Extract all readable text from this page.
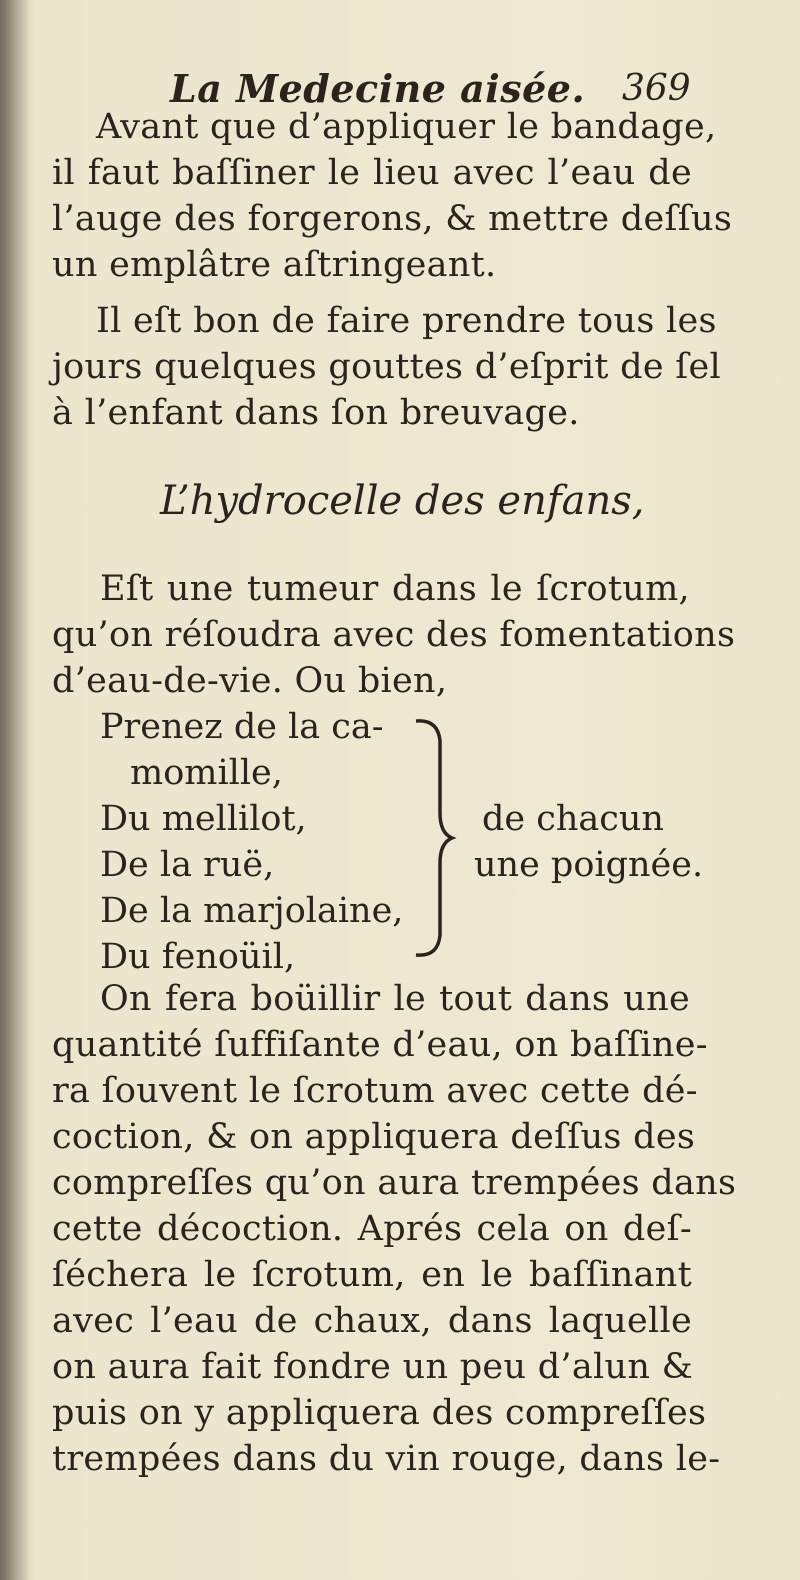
La Medecine aisée. 369
Avant que d’appliquer le bandage,
il faut baſſiner le lieu avec l’eau de
l’auge des forgerons, & mettre deſſus
un emplâtre aſtringeant.
Il eſt bon de faire prendre tous les
jours quelques gouttes d’eſprit de ſel
à l’enfant dans ſon breuvage.
L’hydrocelle des enfans,
Eſt une tumeur dans le ſcrotum,
qu’on réſoudra avec des fomentations
d’eau-de-vie. Ou bien,
Prenez de la ca-
momille,
Du mellilot,
De la ruë,
De la marjolaine,
Du fenoüil,
de chacun
une poignée.
On fera boüillir le tout dans une
quantité ſuffiſante d’eau, on baſſine-
ra ſouvent le ſcrotum avec cette dé-
coction, & on appliquera deſſus des
compreſſes qu’on aura trempées dans
cette décoction. Aprés cela on deſ-
ſéchera le ſcrotum, en le baſſinant
avec l’eau de chaux, dans laquelle
on aura fait fondre un peu d’alun &
puis on y appliquera des compreſſes
trempées dans du vin rouge, dans le-
